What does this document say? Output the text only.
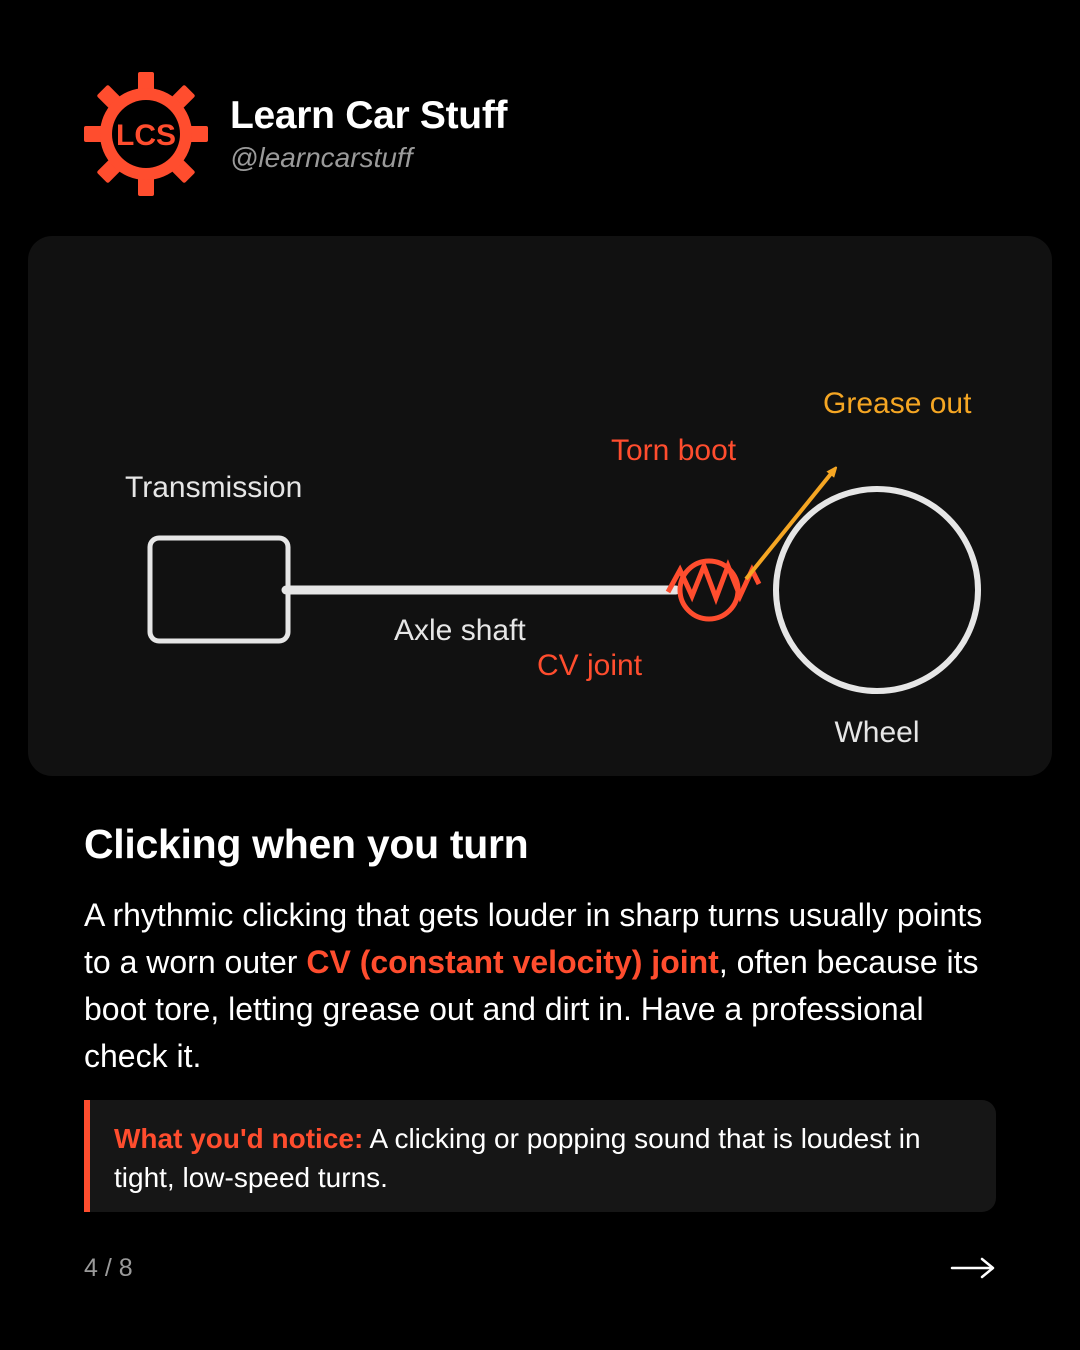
LCS Learn Car Stuff
@learncarstuff
Transmission
Axle shaft
CV joint
Torn boot
Grease out
Wheel
Clicking when you turn
A rhythmic clicking that gets louder in sharp turns usually points to a worn outer CV (constant velocity) joint, often because its boot tore, letting grease out and dirt in. Have a professional check it.
What you'd notice: A clicking or popping sound that is loudest in tight, low-speed turns.
4 / 8
